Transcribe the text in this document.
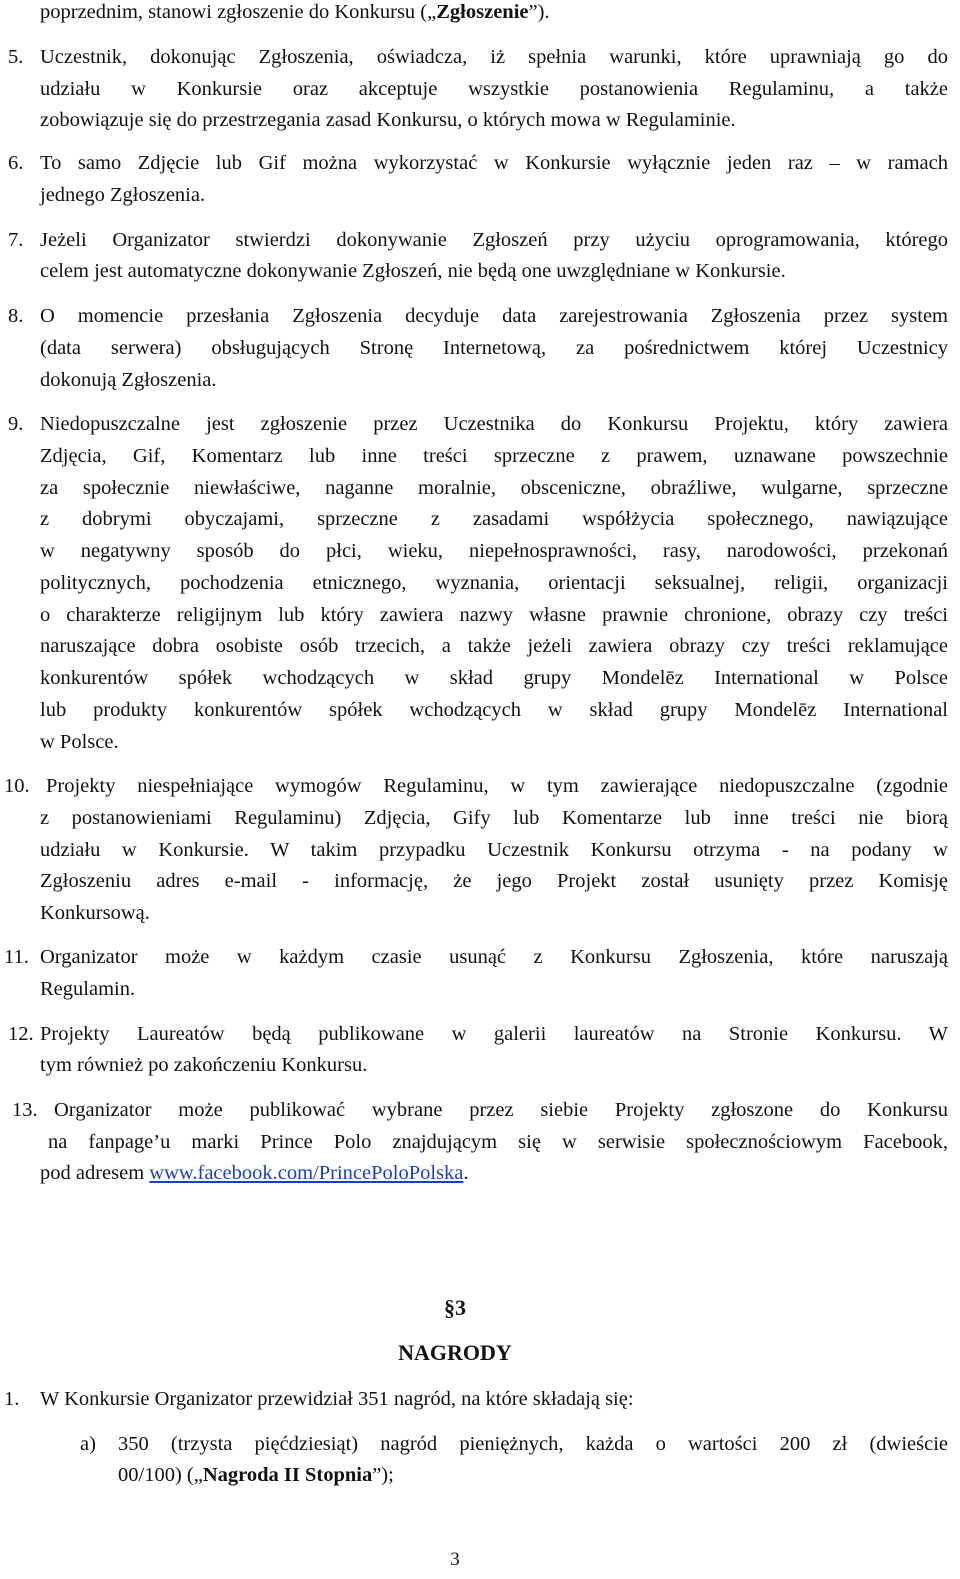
poprzednim, stanowi zgłoszenie do Konkursu („Zgłoszenie”).
5. Uczestnik, dokonując Zgłoszenia, oświadcza, iż spełnia warunki, które uprawniają go do
udziału w Konkursie oraz akceptuje wszystkie postanowienia Regulaminu, a także
zobowiązuje się do przestrzegania zasad Konkursu, o których mowa w Regulaminie.
6. To samo Zdjęcie lub Gif można wykorzystać w Konkursie wyłącznie jeden raz – w ramach
jednego Zgłoszenia.
7. Jeżeli Organizator stwierdzi dokonywanie Zgłoszeń przy użyciu oprogramowania, którego
celem jest automatyczne dokonywanie Zgłoszeń, nie będą one uwzględniane w Konkursie.
8. O momencie przesłania Zgłoszenia decyduje data zarejestrowania Zgłoszenia przez system
(data serwera) obsługujących Stronę Internetową, za pośrednictwem której Uczestnicy
dokonują Zgłoszenia.
9. Niedopuszczalne jest zgłoszenie przez Uczestnika do Konkursu Projektu, który zawiera
Zdjęcia, Gif, Komentarz lub inne treści sprzeczne z prawem, uznawane powszechnie
za społecznie niewłaściwe, naganne moralnie, obsceniczne, obraźliwe, wulgarne, sprzeczne
z dobrymi obyczajami, sprzeczne z zasadami współżycia społecznego, nawiązujące
w negatywny sposób do płci, wieku, niepełnosprawności, rasy, narodowości, przekonań
politycznych, pochodzenia etnicznego, wyznania, orientacji seksualnej, religii, organizacji
o charakterze religijnym lub który zawiera nazwy własne prawnie chronione, obrazy czy treści
naruszające dobra osobiste osób trzecich, a także jeżeli zawiera obrazy czy treści reklamujące
konkurentów spółek wchodzących w skład grupy Mondelēz International w Polsce
lub produkty konkurentów spółek wchodzących w skład grupy Mondelēz International
w Polsce.
10. Projekty niespełniające wymogów Regulaminu, w tym zawierające niedopuszczalne (zgodnie
z postanowieniami Regulaminu) Zdjęcia, Gify lub Komentarze lub inne treści nie biorą
udziału w Konkursie. W takim przypadku Uczestnik Konkursu otrzyma - na podany w
Zgłoszeniu adres e-mail - informację, że jego Projekt został usunięty przez Komisję
Konkursową.
11. Organizator może w każdym czasie usunąć z Konkursu Zgłoszenia, które naruszają
Regulamin.
12. Projekty Laureatów będą publikowane w galerii laureatów na Stronie Konkursu. W
tym również po zakończeniu Konkursu.
13. Organizator może publikować wybrane przez siebie Projekty zgłoszone do Konkursu
na fanpage’u marki Prince Polo znajdującym się w serwisie społecznościowym Facebook,
pod adresem www.facebook.com/PrincePoloPolska.
§3
NAGRODY
1. W Konkursie Organizator przewidział 351 nagród, na które składają się:
a) 350 (trzysta pięćdziesiąt) nagród pieniężnych, każda o wartości 200 zł (dwieście
00/100) („Nagroda II Stopnia”);
3
